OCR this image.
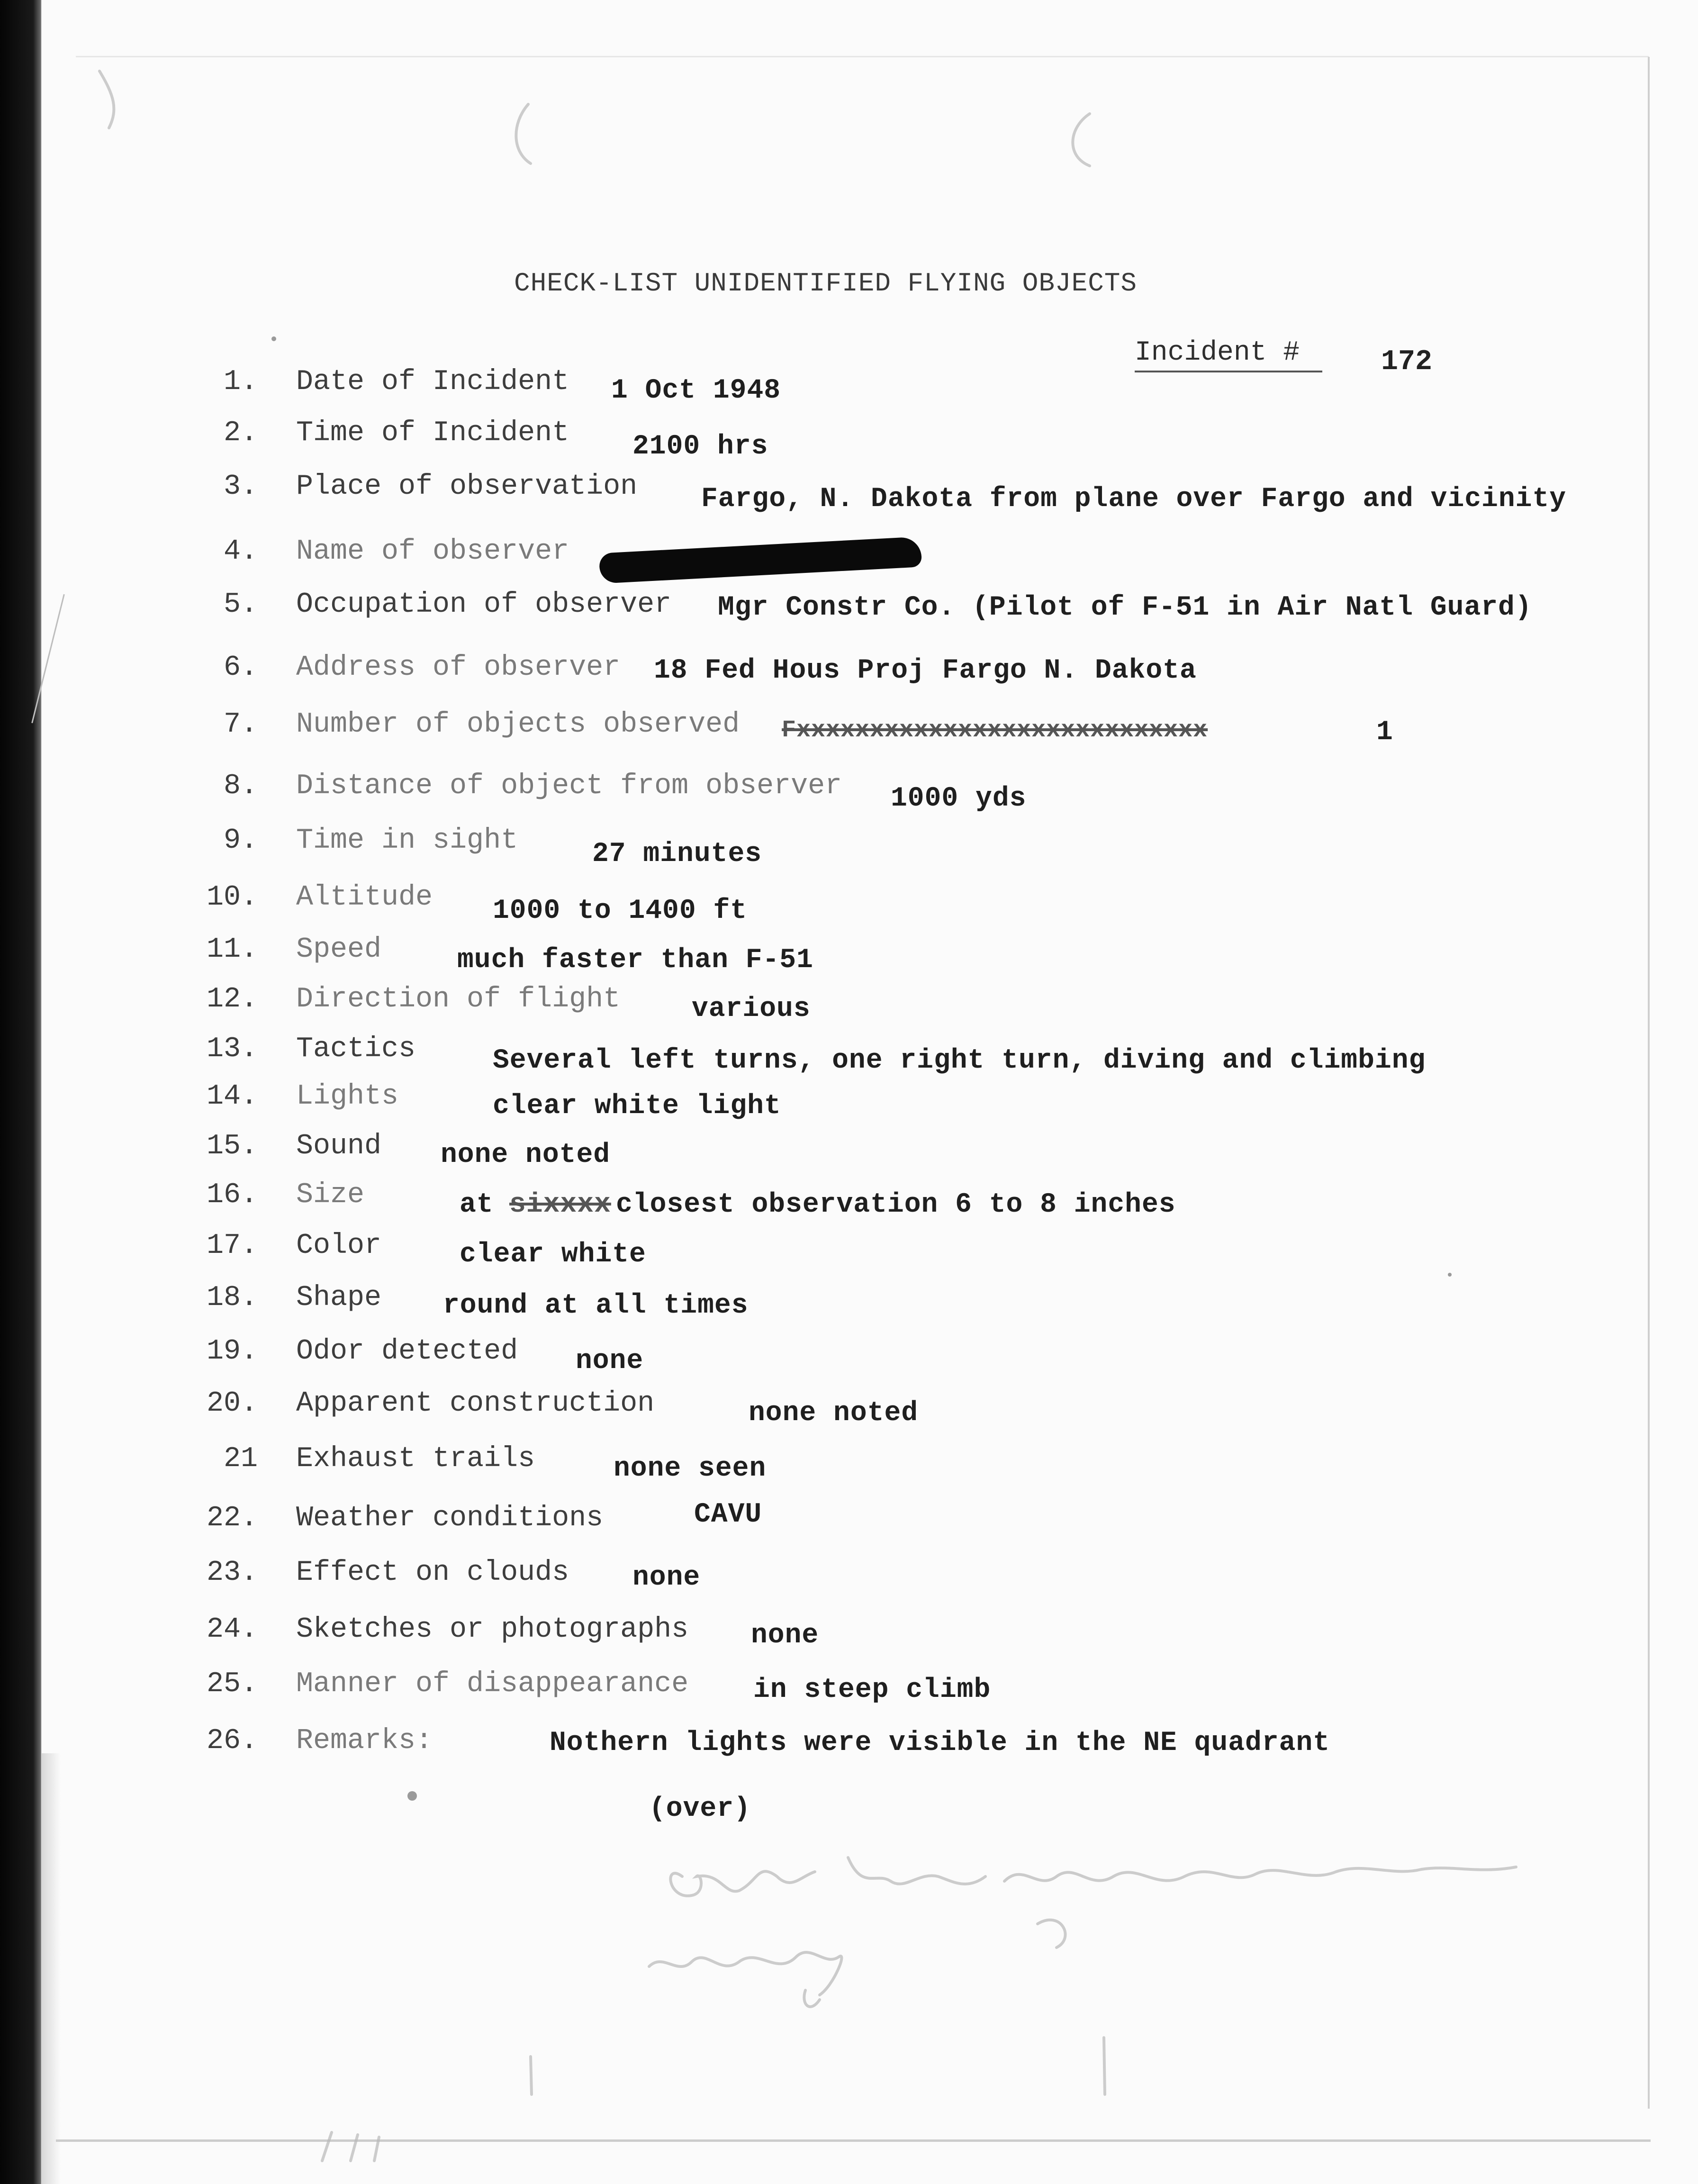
CHECK-LIST UNIDENTIFIED FLYING OBJECTS
Incident #	172
1. Date of Incident 1 Oct 1948
2. Time of Incident 2100 hrs
3. Place of observation Fargo, N. Dakota from plane over Fargo and vicinity
4. Name of observer
5. Occupation of observer Mgr Constr Co. (Pilot of F-51 in Air Natl Guard)
6. Address of observer 18 Fed Hous Proj Fargo N. Dakota
7. Number of objects observed Fxxxxxxxxxxxxxxxxxxxxxxxxxxxx	1
8. Distance of object from observer 1000 yds
9. Time in sight	27 minutes
10. Altitude 1000 to 1400 ft
11. Speed	much faster than F-51
12. Direction of flight	various
13. Tactics	Several left turns, one right turn, diving and climbing
14. Lights	clear white light
15. Sound none noted
16. Size	at sixxxx closest observation 6 to 8 inches
17. Color	clear white
18. Shape round at all times
19. Odor detected none
20. Apparent construction	none noted
21 Exhaust trails	none seen
22. Weather conditions	CAVU
23. Effect on clouds none
24. Sketches or photographs none
25. Manner of disappearance in steep climb
26. Remarks:	Nothern lights were visible in the NE quadrant
(over)
